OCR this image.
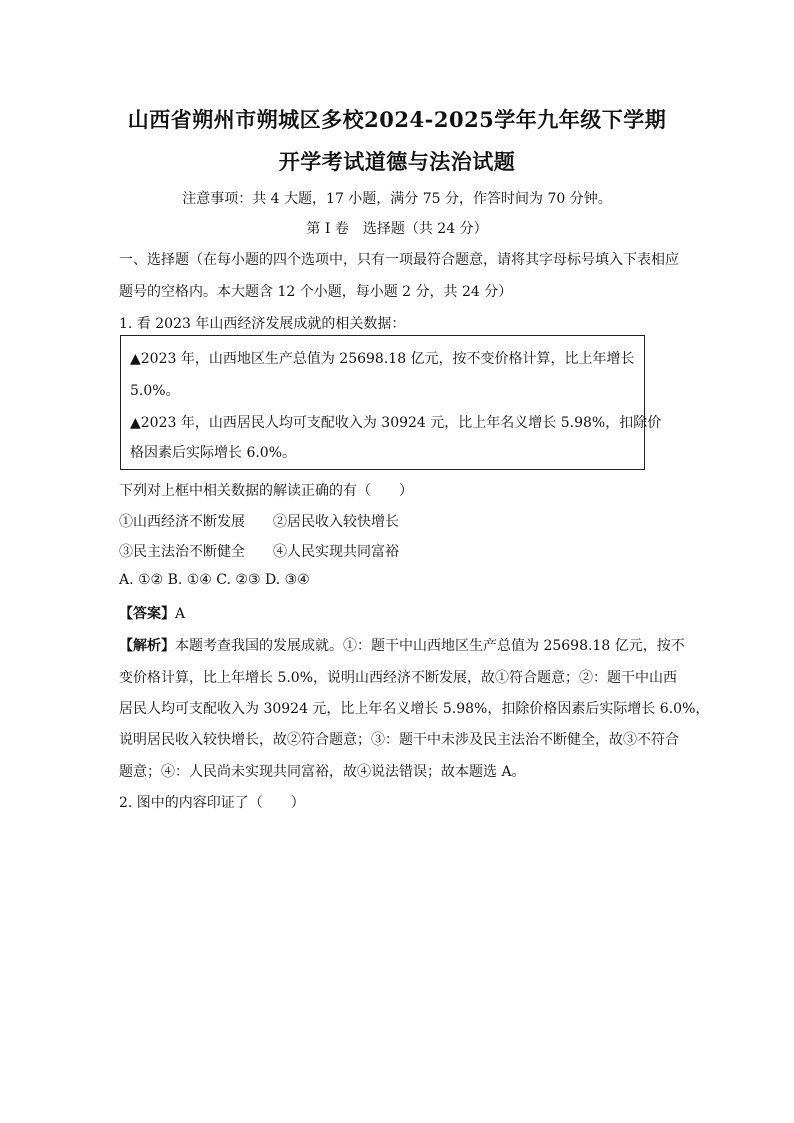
山西省朔州市朔城区多校2024-2025学年九年级下学期
开学考试道德与法治试题
注意事项：共 4 大题，17 小题，满分 75 分，作答时间为 70 分钟。
第 I 卷　选择题（共 24 分）
一、选择题（在每小题的四个选项中，只有一项最符合题意，请将其字母标号填入下表相应
题号的空格内。本大题含 12 个小题，每小题 2 分，共 24 分）
1. 看 2023 年山西经济发展成就的相关数据：
▲2023 年，山西地区生产总值为 25698.18 亿元，按不变价格计算，比上年增长
5.0%。
▲2023 年，山西居民人均可支配收入为 30924 元，比上年名义增长 5.98%，扣除价
格因素后实际增长 6.0%。
下列对上框中相关数据的解读正确的有（　　）
①山西经济不断发展　　②居民收入较快增长
③民主法治不断健全　　④人民实现共同富裕
A. ①② B. ①④ C. ②③ D. ③④
【答案】A
【解析】本题考查我国的发展成就。①：题干中山西地区生产总值为 25698.18 亿元，按不
变价格计算，比上年增长 5.0%，说明山西经济不断发展，故①符合题意；②：题干中山西
居民人均可支配收入为 30924 元，比上年名义增长 5.98%，扣除价格因素后实际增长 6.0%，
说明居民收入较快增长，故②符合题意；③：题干中未涉及民主法治不断健全，故③不符合
题意；④：人民尚未实现共同富裕，故④说法错误；故本题选 A。
2. 图中的内容印证了（　　）
